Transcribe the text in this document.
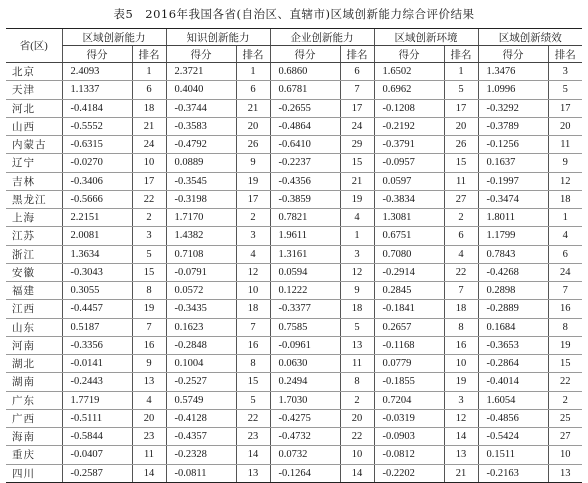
表5　2016年我国各省(自治区、直辖市)区域创新能力综合评价结果
省(区)	区域创新能力		知识创新能力		企业创新能力		区域创新环境		区域创新绩效	
	得分	排名	得分	排名	得分	排名	得分	排名	得分	排名
北京	2.4093	1	2.3721	1	0.6860	6	1.6502	1	1.3476	3
天津	1.1337	6	0.4040	6	0.6781	7	0.6962	5	1.0996	5
河北	-0.4184	18	-0.3744	21	-0.2655	17	-0.1208	17	-0.3292	17
山西	-0.5552	21	-0.3583	20	-0.4864	24	-0.2192	20	-0.3789	20
内蒙古	-0.6315	24	-0.4792	26	-0.6410	29	-0.3791	26	-0.1256	11
辽宁	-0.0270	10	0.0889	9	-0.2237	15	-0.0957	15	0.1637	9
吉林	-0.3406	17	-0.3545	19	-0.4356	21	0.0597	11	-0.1997	12
黑龙江	-0.5666	22	-0.3198	17	-0.3859	19	-0.3834	27	-0.3474	18
上海	2.2151	2	1.7170	2	0.7821	4	1.3081	2	1.8011	1
江苏	2.0081	3	1.4382	3	1.9611	1	0.6751	6	1.1799	4
浙江	1.3634	5	0.7108	4	1.3161	3	0.7080	4	0.7843	6
安徽	-0.3043	15	-0.0791	12	0.0594	12	-0.2914	22	-0.4268	24
福建	0.3055	8	0.0572	10	0.1222	9	0.2845	7	0.2898	7
江西	-0.4457	19	-0.3435	18	-0.3377	18	-0.1841	18	-0.2889	16
山东	0.5187	7	0.1623	7	0.7585	5	0.2657	8	0.1684	8
河南	-0.3356	16	-0.2848	16	-0.0961	13	-0.1168	16	-0.3653	19
湖北	-0.0141	9	0.1004	8	0.0630	11	0.0779	10	-0.2864	15
湖南	-0.2443	13	-0.2527	15	0.2494	8	-0.1855	19	-0.4014	22
广东	1.7719	4	0.5749	5	1.7030	2	0.7204	3	1.6054	2
广西	-0.5111	20	-0.4128	22	-0.4275	20	-0.0319	12	-0.4856	25
海南	-0.5844	23	-0.4357	23	-0.4732	22	-0.0903	14	-0.5424	27
重庆	-0.0407	11	-0.2328	14	0.0732	10	-0.0812	13	0.1511	10
四川	-0.2587	14	-0.0811	13	-0.1264	14	-0.2202	21	-0.2163	13
